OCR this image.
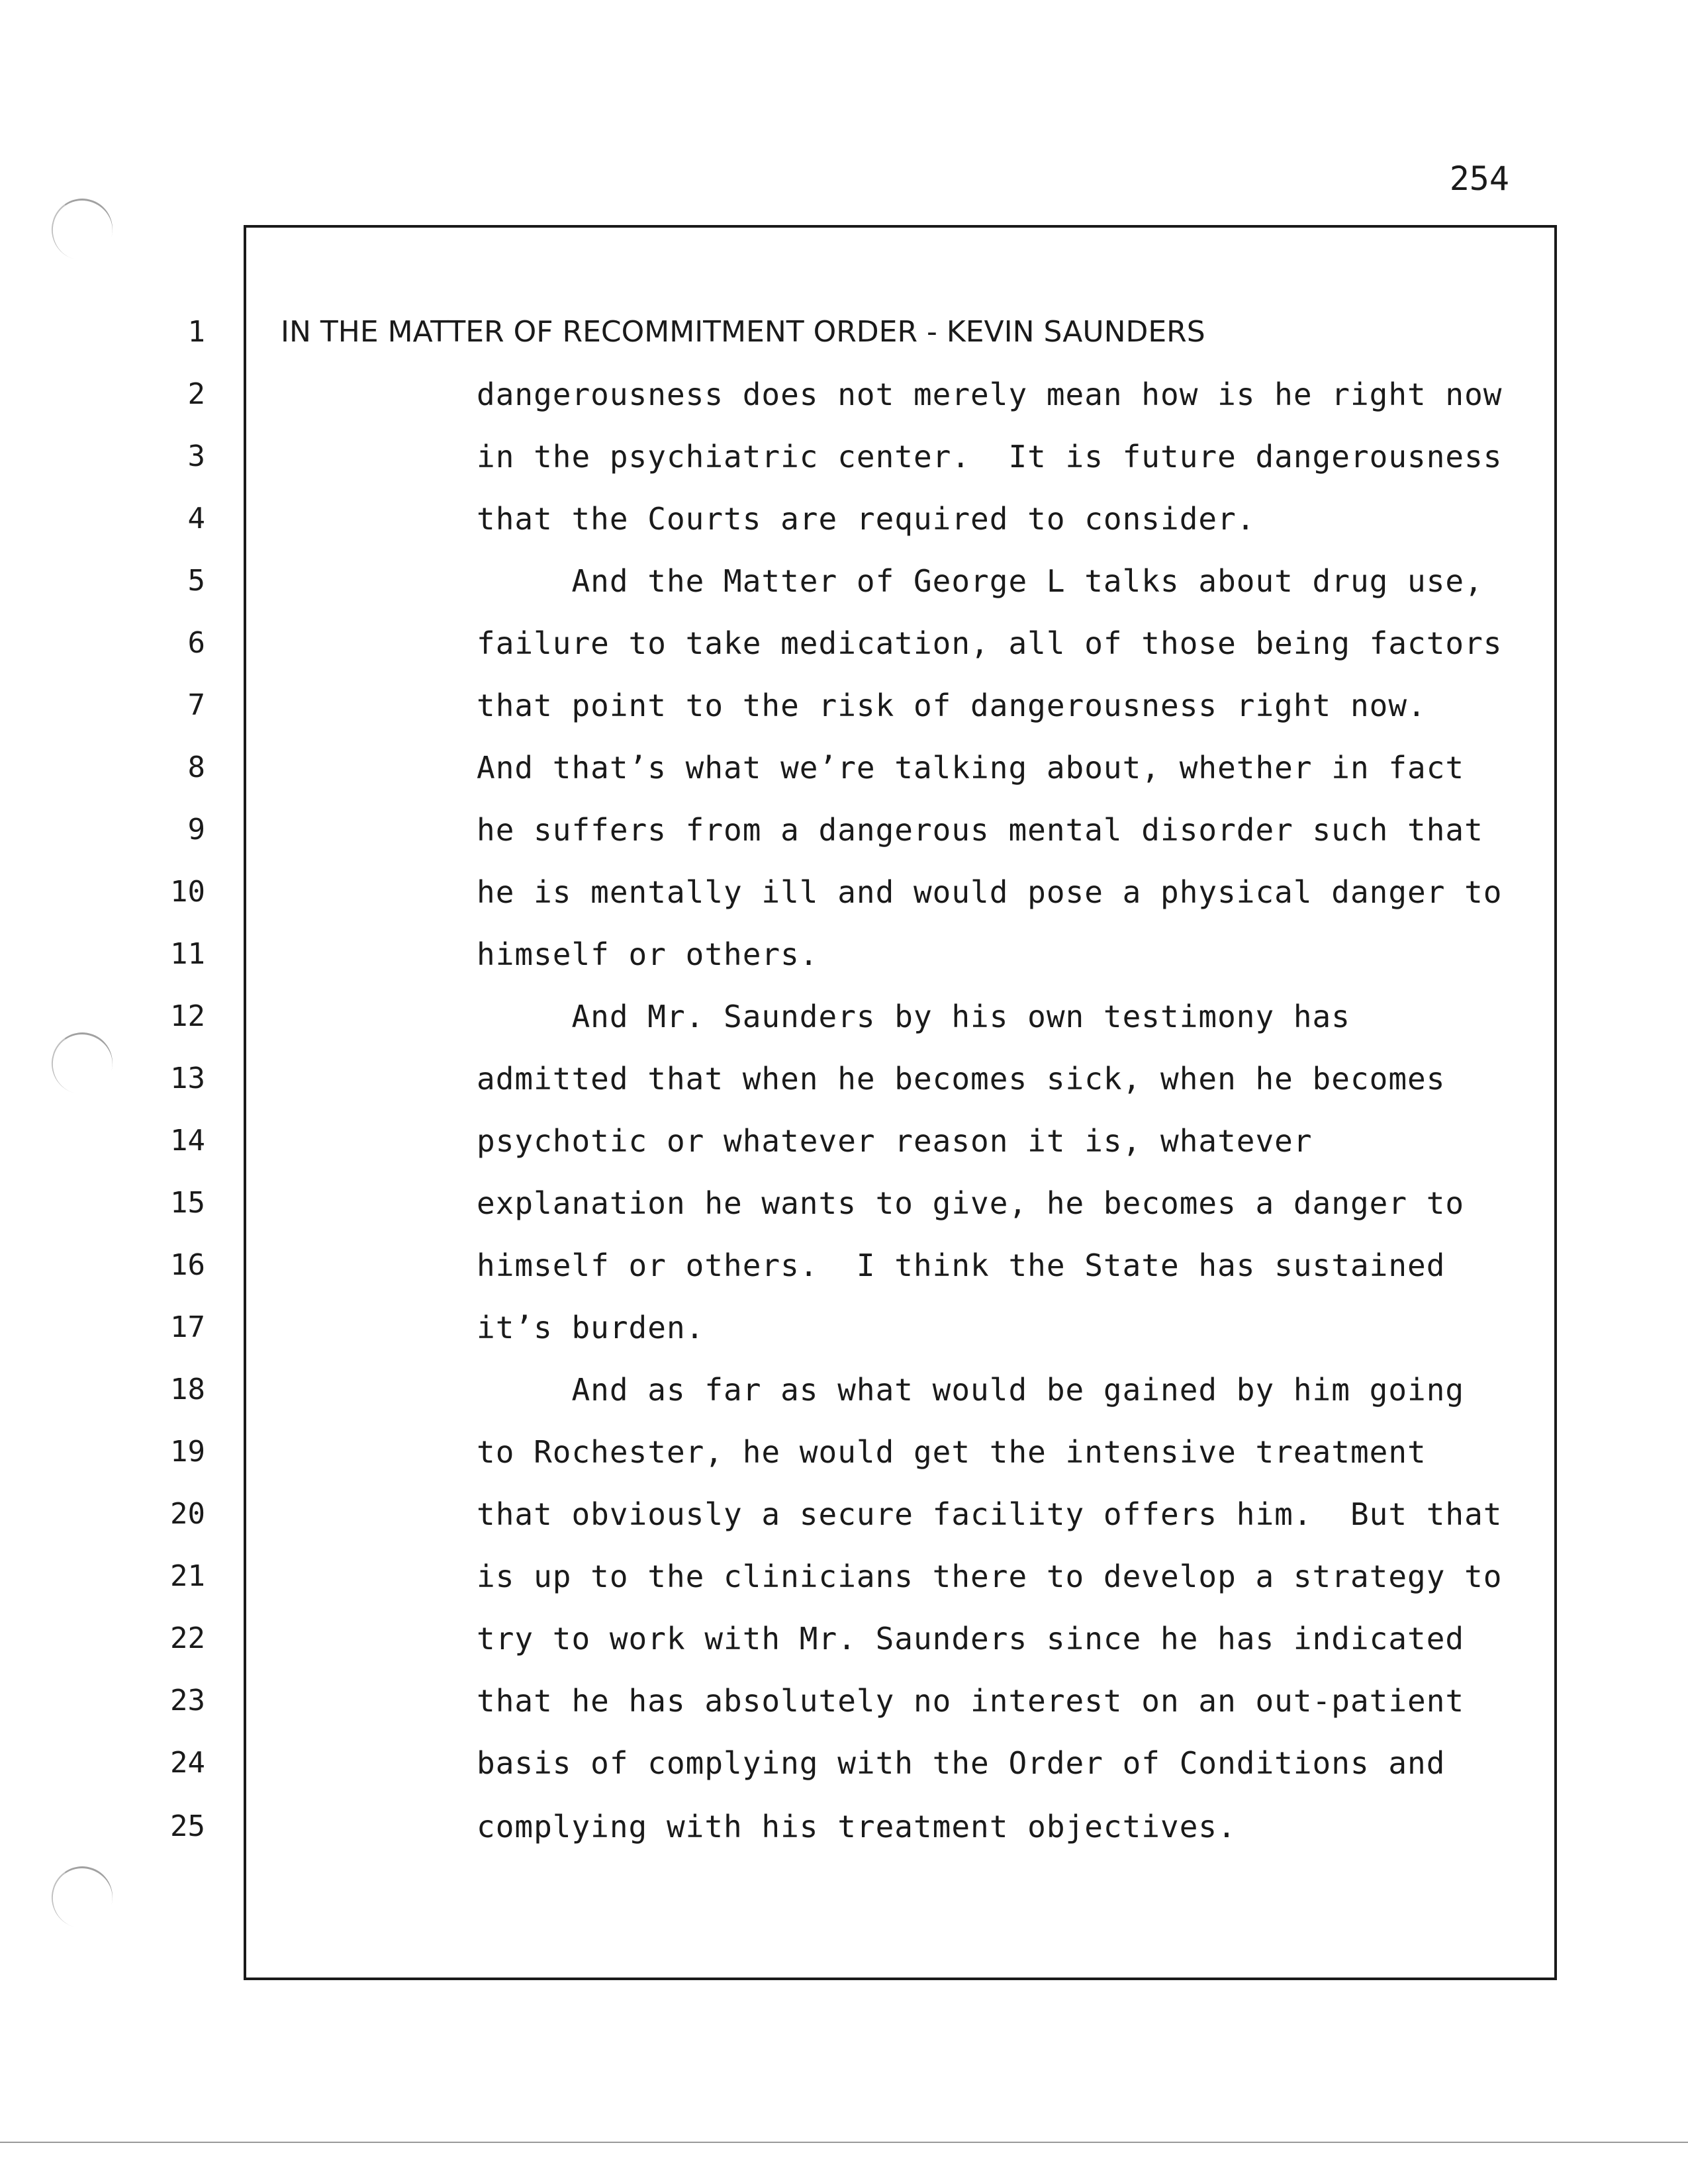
254
1	IN THE MATTER OF RECOMMITMENT ORDER - KEVIN SAUNDERS
2	dangerousness does not merely mean how is he right now
3	in the psychiatric center.  It is future dangerousness
4	that the Courts are required to consider.
5	And the Matter of George L talks about drug use,
6	failure to take medication, all of those being factors
7	that point to the risk of dangerousness right now.
8	And that’s what we’re talking about, whether in fact
9	he suffers from a dangerous mental disorder such that
10	he is mentally ill and would pose a physical danger to
11	himself or others.
12	And Mr. Saunders by his own testimony has
13	admitted that when he becomes sick, when he becomes
14	psychotic or whatever reason it is, whatever
15	explanation he wants to give, he becomes a danger to
16	himself or others.  I think the State has sustained
17	it’s burden.
18	And as far as what would be gained by him going
19	to Rochester, he would get the intensive treatment
20	that obviously a secure facility offers him.  But that
21	is up to the clinicians there to develop a strategy to
22	try to work with Mr. Saunders since he has indicated
23	that he has absolutely no interest on an out-patient
24	basis of complying with the Order of Conditions and
25	complying with his treatment objectives.
